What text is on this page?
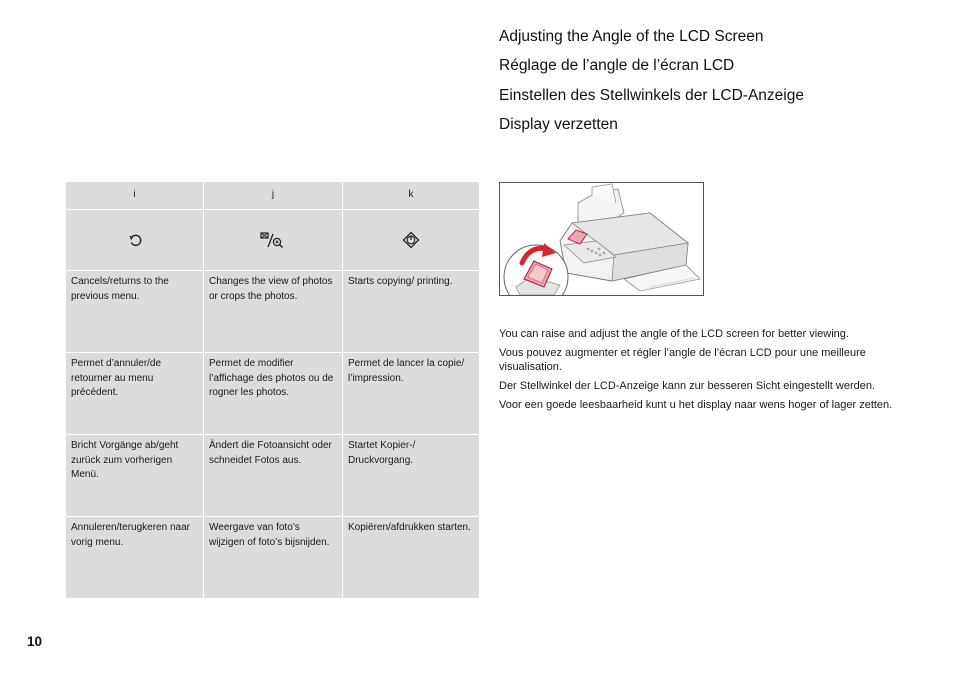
Adjusting the Angle of the LCD Screen
Réglage de l’angle de l’écran LCD
Einstellen des Stellwinkels der LCD-Anzeige
Display verzetten
i	j	k

Cancels/returns to the previous menu.	Changes the view of photos or crops the photos.	Starts copying/ printing.

Permet d’annuler/de retourner au menu précédent.	Permet de modifier l’affichage des photos ou de rogner les photos.	Permet de lancer la copie/ l’impression.

Bricht Vorgänge ab/geht zurück zum vorherigen Menü.	Ändert die Fotoansicht oder schneidet Fotos aus.	Startet Kopier-/ Druckvorgang.

Annuleren/terugkeren naar vorig menu.	Weergave van foto’s wijzigen of foto’s bijsnijden.	Kopiëren/afdrukken starten.

You can raise and adjust the angle of the LCD screen for better viewing.

Vous pouvez augmenter et régler l’angle de l’écran LCD pour une meilleure visualisation.

Der Stellwinkel der LCD-Anzeige kann zur besseren Sicht eingestellt werden.

Voor een goede leesbaarheid kunt u het display naar wens hoger of lager zetten.

10
